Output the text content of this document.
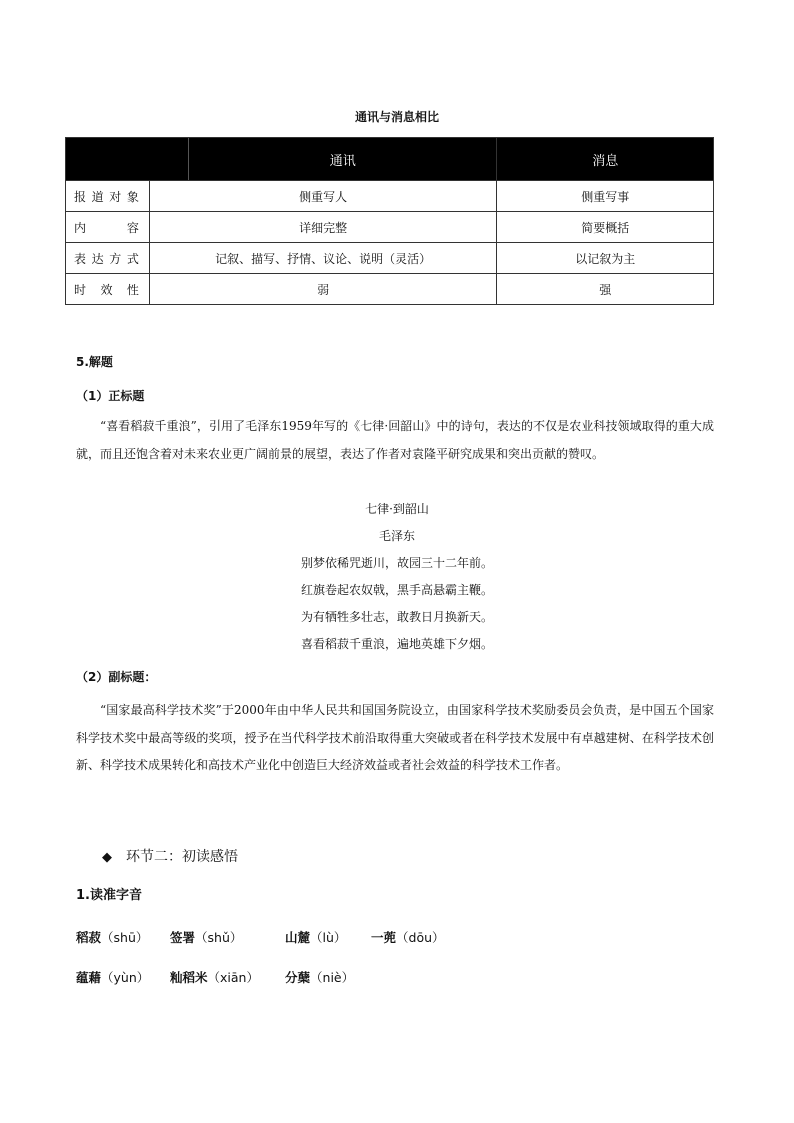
通讯与消息相比
通讯		消息
报道对象	侧重写人	侧重写事
内容	详细完整	简要概括
表达方式	记叙、描写、抒情、议论、说明（灵活）	以记叙为主
时效性	弱	强
5.解题
（1）正标题
“喜看稻菽千重浪”，引用了毛泽东1959年写的《七律·回韶山》中的诗句，表达的不仅是农业科技领域取得的重大成就，而且还饱含着对未来农业更广阔前景的展望，表达了作者对袁隆平研究成果和突出贡献的赞叹。
七律·到韶山
毛泽东
别梦依稀咒逝川，故园三十二年前。
红旗卷起农奴戟，黑手高悬霸主鞭。
为有牺牲多壮志，敢教日月换新天。
喜看稻菽千重浪，遍地英雄下夕烟。
（2）副标题：
“国家最高科学技术奖”于2000年由中华人民共和国国务院设立，由国家科学技术奖励委员会负责，是中国五个国家科学技术奖中最高等级的奖项，授予在当代科学技术前沿取得重大突破或者在科学技术发展中有卓越建树、在科学技术创新、科学技术成果转化和高技术产业化中创造巨大经济效益或者社会效益的科学技术工作者。
◆ 环节二：初读感悟
1.读准字音
稻菽（shū） 签署（shǔ）	山麓（lù） 一蔸（dōu）
蕴藉（yùn） 籼稻米（xiān） 分蘖（niè）
